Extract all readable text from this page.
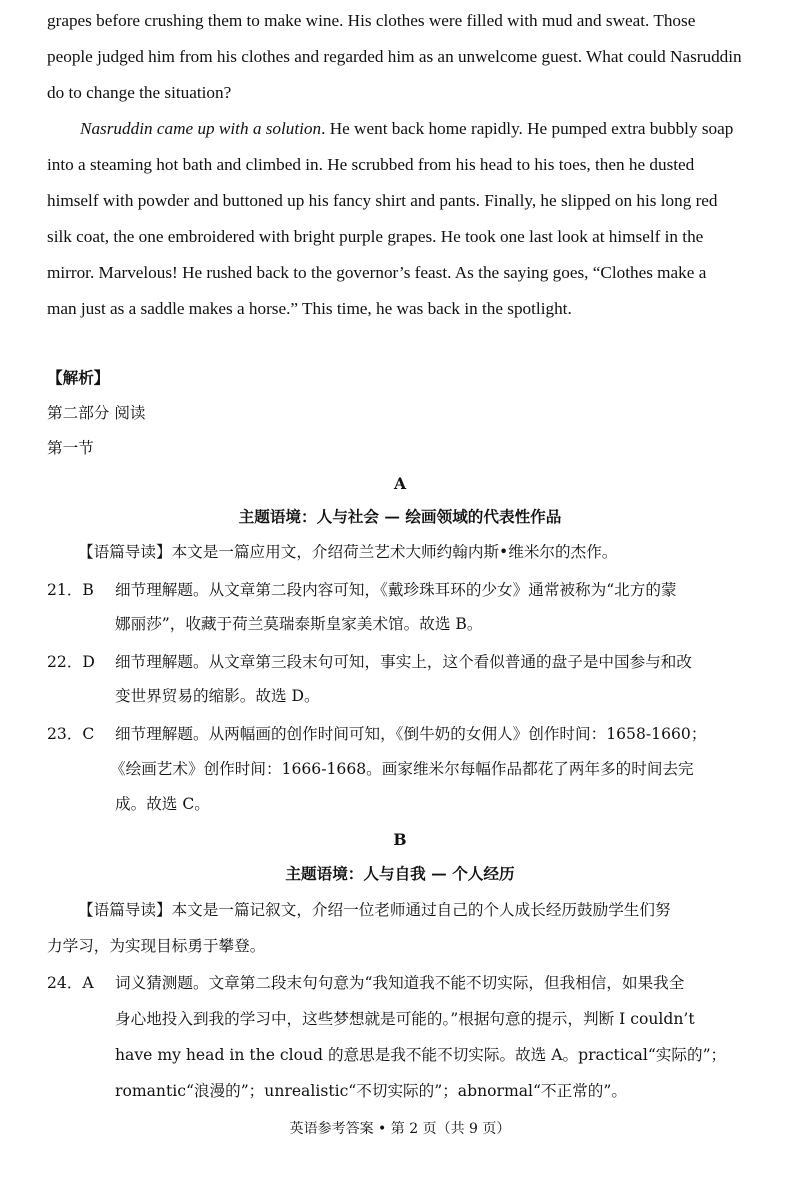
grapes before crushing them to make wine. His clothes were filled with mud and sweat. Those
people judged him from his clothes and regarded him as an unwelcome guest. What could Nasruddin
do to change the situation?
Nasruddin came up with a solution. He went back home rapidly. He pumped extra bubbly soap
into a steaming hot bath and climbed in. He scrubbed from his head to his toes, then he dusted
himself with powder and buttoned up his fancy shirt and pants. Finally, he slipped on his long red
silk coat, the one embroidered with bright purple grapes. He took one last look at himself in the
mirror. Marvelous! He rushed back to the governor’s feast. As the saying goes, “Clothes make a
man just as a saddle makes a horse.” This time, he was back in the spotlight.
【解析】
第二部分 阅读
第一节
A
主题语境：人与社会 — 绘画领域的代表性作品
【语篇导读】本文是一篇应用文，介绍荷兰艺术大师约翰内斯•维米尔的杰作。
21．B	细节理解题。从文章第二段内容可知，《戴珍珠耳环的少女》通常被称为“北方的蒙
娜丽莎”，收藏于荷兰莫瑞泰斯皇家美术馆。故选 B。
22．D	细节理解题。从文章第三段末句可知，事实上，这个看似普通的盘子是中国参与和改
变世界贸易的缩影。故选 D。
23．C	细节理解题。从两幅画的创作时间可知，《倒牛奶的女佣人》创作时间：1658-1660；
《绘画艺术》创作时间：1666-1668。画家维米尔每幅作品都花了两年多的时间去完
成。故选 C。
B
主题语境：人与自我 — 个人经历
【语篇导读】本文是一篇记叙文，介绍一位老师通过自己的个人成长经历鼓励学生们努
力学习，为实现目标勇于攀登。
24．A	词义猜测题。文章第二段末句句意为“我知道我不能不切实际，但我相信，如果我全
身心地投入到我的学习中，这些梦想就是可能的。”根据句意的提示，判断 I couldn’t
have my head in the cloud 的意思是我不能不切实际。故选 A。practical“实际的”；
romantic“浪漫的”；unrealistic“不切实际的”；abnormal“不正常的”。
英语参考答案 • 第 2 页（共 9 页）
